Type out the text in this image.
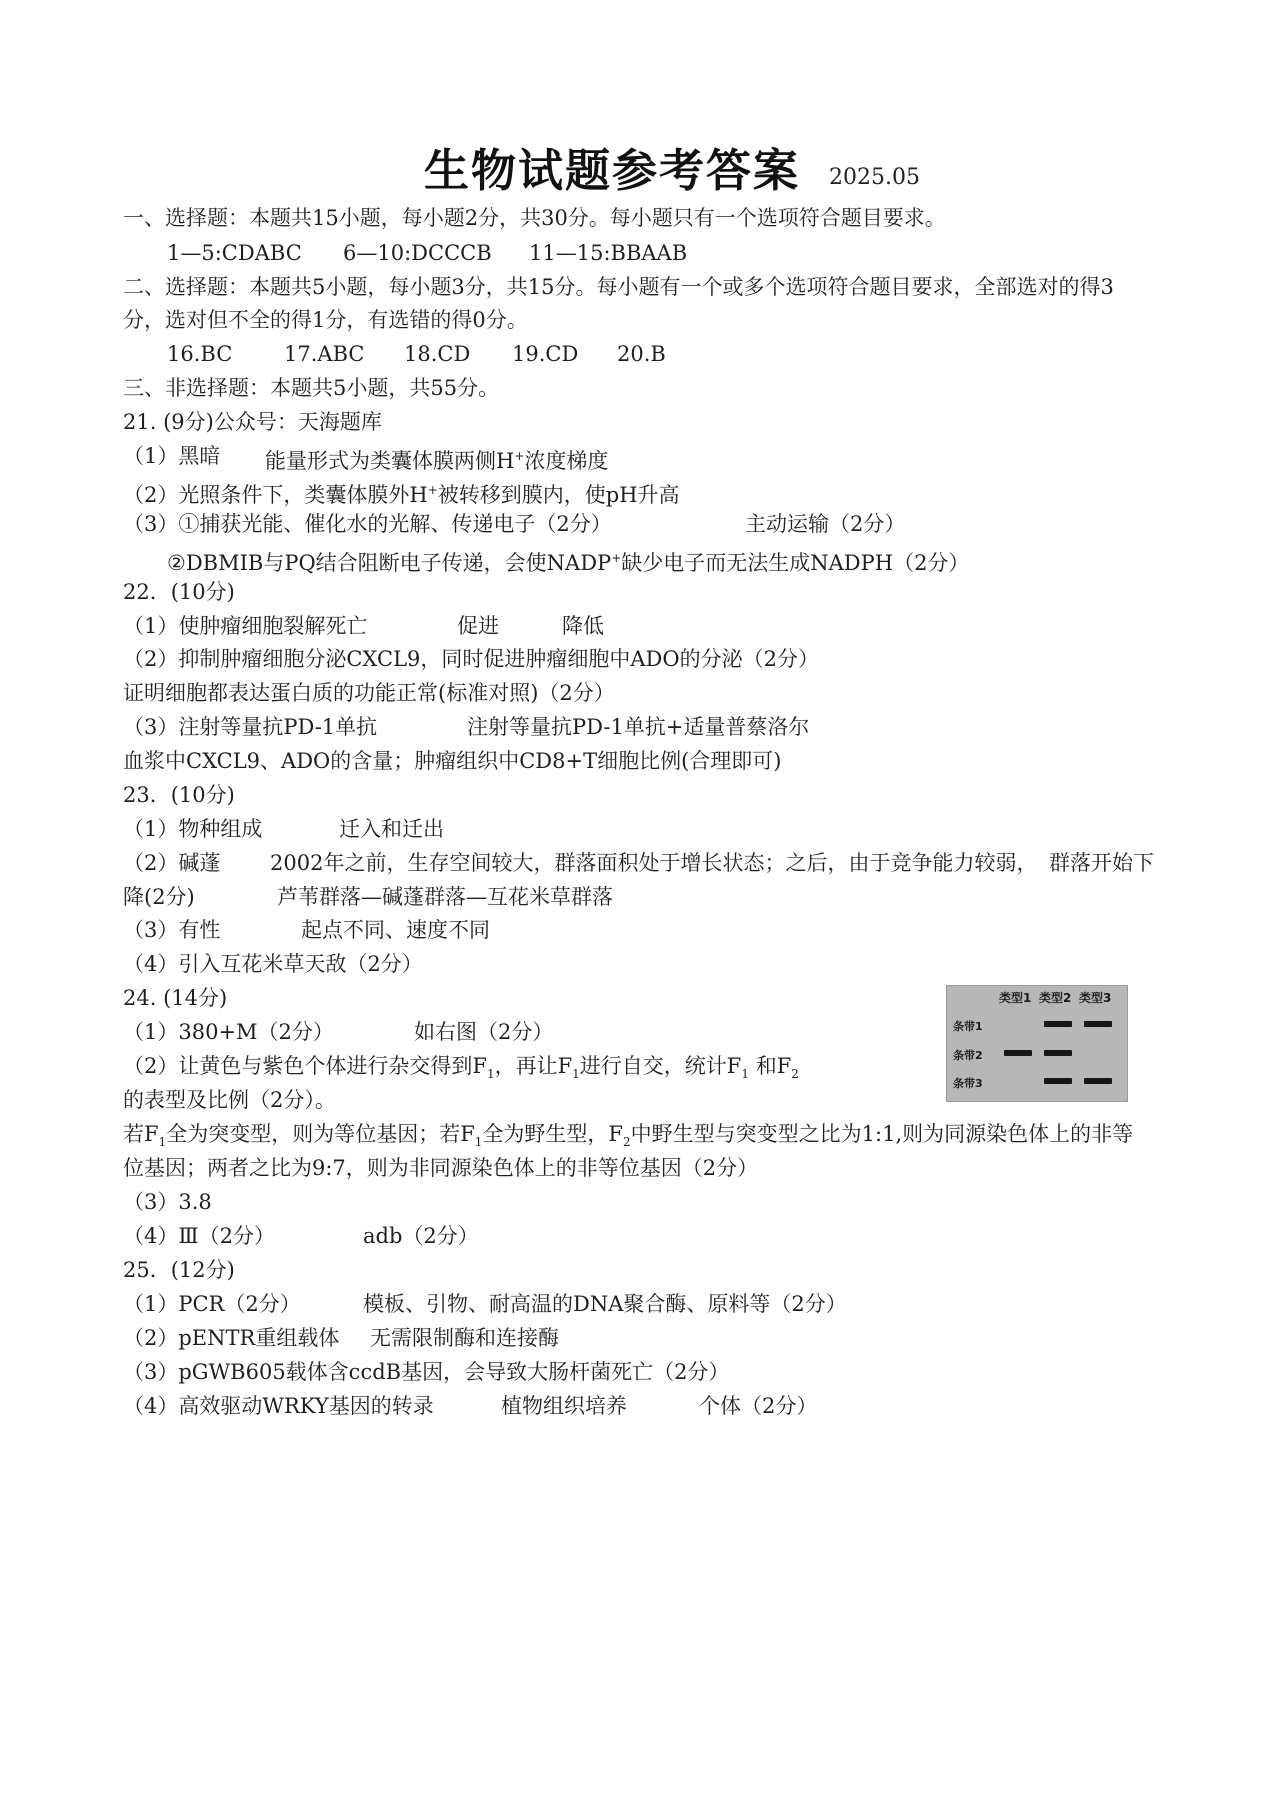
生物试题参考答案 2025.05
一、选择题：本题共15小题，每小题2分，共30分。每小题只有一个选项符合题目要求。
1—5:CDABC 6—10:DCCCB 11—15:BBAAB
二、选择题：本题共5小题，每小题3分，共15分。每小题有一个或多个选项符合题目要求，全部选对的得3
分，选对但不全的得1分，有选错的得0分。
16.BC 17.ABC 18.CD 19.CD 20.B
三、非选择题：本题共5小题，共55分。
21. (9分)公众号：天海题库
（1）黑暗 能量形式为类囊体膜两侧H+浓度梯度
（2）光照条件下，类囊体膜外H+被转移到膜内，使pH升高
（3）①捕获光能、催化水的光解、传递电子（2分）	主动运输（2分）
②DBMIB与PQ结合阻断电子传递，会使NADP+缺少电子而无法生成NADPH（2分）
22．(10分)
（1）使肿瘤细胞裂解死亡	促进	降低
（2）抑制肿瘤细胞分泌CXCL9，同时促进肿瘤细胞中ADO的分泌（2分）
证明细胞都表达蛋白质的功能正常(标准对照)（2分）
（3）注射等量抗PD-1单抗	注射等量抗PD-1单抗+适量普蔡洛尔
血浆中CXCL9、ADO的含量；肿瘤组织中CD8+T细胞比例(合理即可)
23．(10分)
（1）物种组成	迁入和迁出
（2）碱蓬 2002年之前，生存空间较大，群落面积处于增长状态；之后，由于竞争能力较弱， 群落开始下
降(2分)	芦苇群落—碱蓬群落—互花米草群落
（3）有性	起点不同、速度不同
（4）引入互花米草天敌（2分）
24. (14分)
（1）380+M（2分）	如右图（2分）
（2）让黄色与紫色个体进行杂交得到$F_1$，再让$F_1$进行自交，统计$F_1$ 和$F_2$
的表型及比例（2分）。
若$F_1$全为突变型，则为等位基因；若$F_1$全为野生型，$F_2$中野生型与突变型之比为1:1,则为同源染色体上的非等
位基因；两者之比为9:7，则为非同源染色体上的非等位基因（2分）
（3）3.8
（4）Ⅲ（2分）	adb（2分）
类型1 类型2 类型3
条带1
条带2
条带3
25．(12分)
（1）PCR（2分）	模板、引物、耐高温的DNA聚合酶、原料等（2分）
（2）pENTR重组载体 无需限制酶和连接酶
（3）pGWB605载体含ccdB基因，会导致大肠杆菌死亡（2分）
（4）高效驱动WRKY基因的转录	植物组织培养	个体（2分）
